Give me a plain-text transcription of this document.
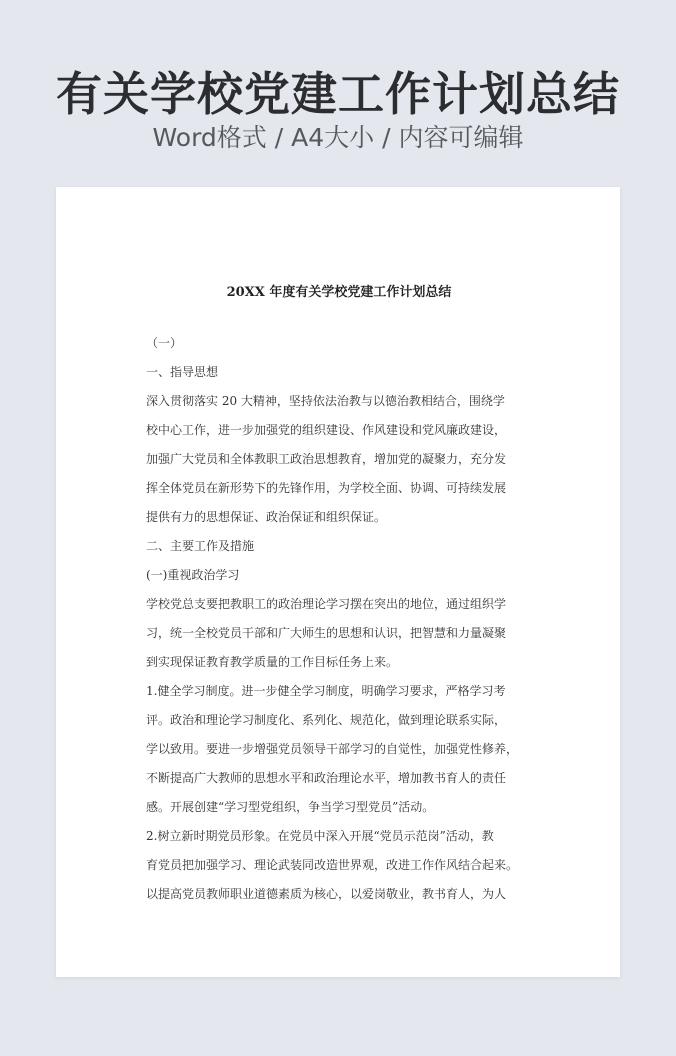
有关学校党建工作计划总结
Word格式 / A4大小 / 内容可编辑
20XX 年度有关学校党建工作计划总结

（一）

一、指导思想

深入贯彻落实 20 大精神，坚持依法治教与以德治教相结合，围绕学

校中心工作，进一步加强党的组织建设、作风建设和党风廉政建设，

加强广大党员和全体教职工政治思想教育，增加党的凝聚力，充分发

挥全体党员在新形势下的先锋作用，为学校全面、协调、可持续发展

提供有力的思想保证、政治保证和组织保证。

二、主要工作及措施

(一)重视政治学习

学校党总支要把教职工的政治理论学习摆在突出的地位，通过组织学

习，统一全校党员干部和广大师生的思想和认识，把智慧和力量凝聚

到实现保证教育教学质量的工作目标任务上来。

1.健全学习制度。进一步健全学习制度，明确学习要求，严格学习考

评。政治和理论学习制度化、系列化、规范化，做到理论联系实际，

学以致用。要进一步增强党员领导干部学习的自觉性，加强党性修养，

不断提高广大教师的思想水平和政治理论水平，增加教书育人的责任

感。开展创建“学习型党组织，争当学习型党员”活动。

2.树立新时期党员形象。在党员中深入开展“党员示范岗”活动，教

育党员把加强学习、理论武装同改造世界观，改进工作作风结合起来。

以提高党员教师职业道德素质为核心，以爱岗敬业，教书育人，为人
